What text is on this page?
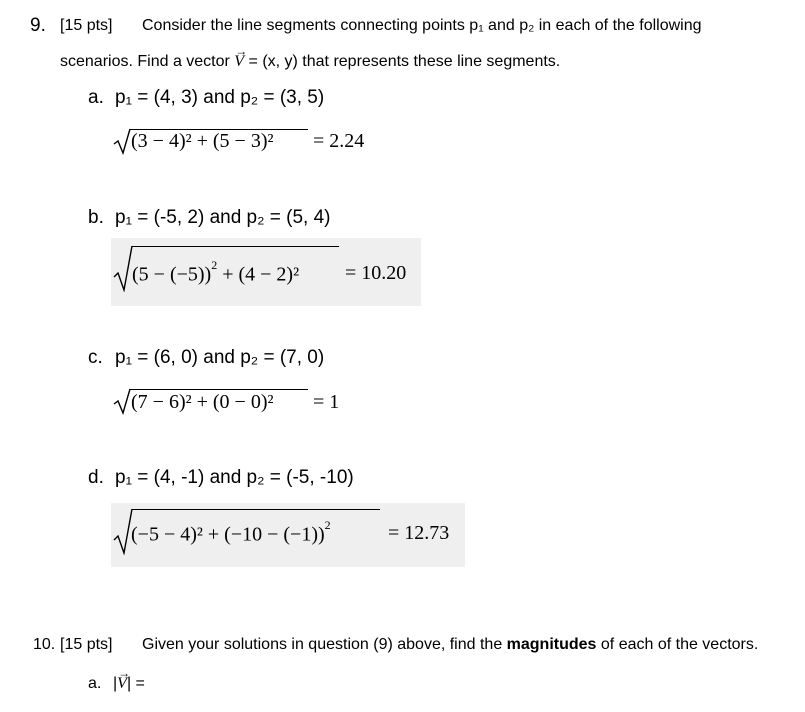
9. [15 pts] Consider the line segments connecting points p₁ and p₂ in each of the following
scenarios. Find a vector
→
V = (x, y) that represents these line segments.
a. p₁ = (4, 3) and p₂ = (3, 5)
(3 − 4)² + (5 − 3)² = 2.24
b. p₁ = (-5, 2) and p₂ = (5, 4)
$(5 - (-5))^2 + (4 - 2)^2 = 10.20$
c. p₁ = (6, 0) and p₂ = (7, 0)
(7 − 6)² + (0 − 0)² = 1
d. p₁ = (4, -1) and p₂ = (-5, -10)
$(-5 - 4)^2 + (-10 - (-1))^2$	= 12.73
10. [15 pts] Given your solutions in question (9) above, find the magnitudes of each of the vectors.
a. |
→
V| =
